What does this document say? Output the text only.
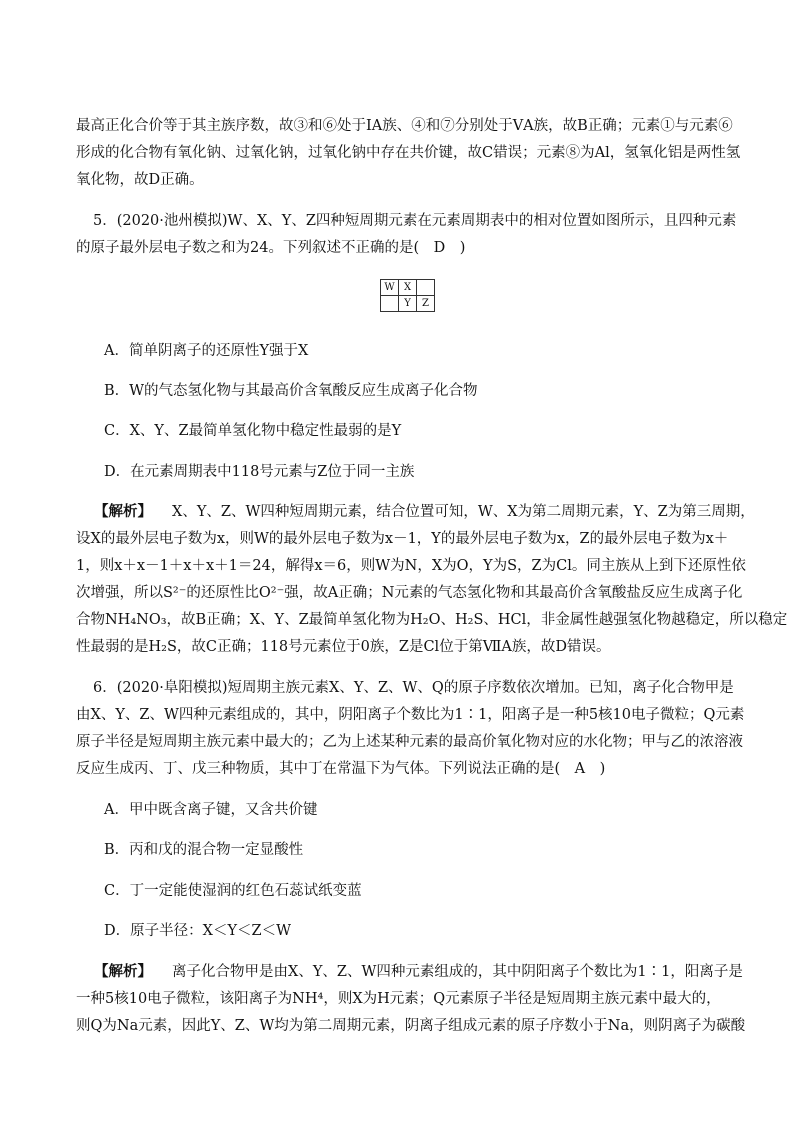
最高正化合价等于其主族序数，故③和⑥处于ⅠA族、④和⑦分别处于ⅤA族，故B正确；元素①与元素⑥
形成的化合物有氧化钠、过氧化钠，过氧化钠中存在共价键，故C错误；元素⑧为Al，氢氧化铝是两性氢
氧化物，故D正确。
5．(2020·池州模拟)W、X、Y、Z四种短周期元素在元素周期表中的相对位置如图所示，且四种元素
的原子最外层电子数之和为24。下列叙述不正确的是(　D　)
W	X	
	Y	Z
A．简单阴离子的还原性Y强于X
B．W的气态氢化物与其最高价含氧酸反应生成离子化合物
C．X、Y、Z最简单氢化物中稳定性最弱的是Y
D．在元素周期表中118号元素与Z位于同一主族
【解析】 X、Y、Z、W四种短周期元素，结合位置可知，W、X为第二周期元素，Y、Z为第三周期，
设X的最外层电子数为x，则W的最外层电子数为x－1，Y的最外层电子数为x，Z的最外层电子数为x＋
1，则x＋x－1＋x＋x＋1＝24，解得x＝6，则W为N，X为O，Y为S，Z为Cl。同主族从上到下还原性依
次增强，所以S²⁻的还原性比O²⁻强，故A正确；N元素的气态氢化物和其最高价含氧酸盐反应生成离子化
合物NH₄NO₃，故B正确；X、Y、Z最简单氢化物为H₂O、H₂S、HCl，非金属性越强氢化物越稳定，所以稳定
性最弱的是H₂S，故C正确；118号元素位于0族，Z是Cl位于第ⅦA族，故D错误。
6．(2020·阜阳模拟)短周期主族元素X、Y、Z、W、Q的原子序数依次增加。已知，离子化合物甲是
由X、Y、Z、W四种元素组成的，其中，阴阳离子个数比为1∶1，阳离子是一种5核10电子微粒；Q元素
原子半径是短周期主族元素中最大的；乙为上述某种元素的最高价氧化物对应的水化物；甲与乙的浓溶液
反应生成丙、丁、戊三种物质，其中丁在常温下为气体。下列说法正确的是(　A　)
A．甲中既含离子键，又含共价键
B．丙和戊的混合物一定显酸性
C．丁一定能使湿润的红色石蕊试纸变蓝
D．原子半径：X＜Y＜Z＜W
【解析】 离子化合物甲是由X、Y、Z、W四种元素组成的，其中阴阳离子个数比为1∶1，阳离子是
一种5核10电子微粒，该阳离子为NH⁴，则X为H元素；Q元素原子半径是短周期主族元素中最大的，
则Q为Na元素，因此Y、Z、W均为第二周期元素，阴离子组成元素的原子序数小于Na，则阴离子为碳酸
